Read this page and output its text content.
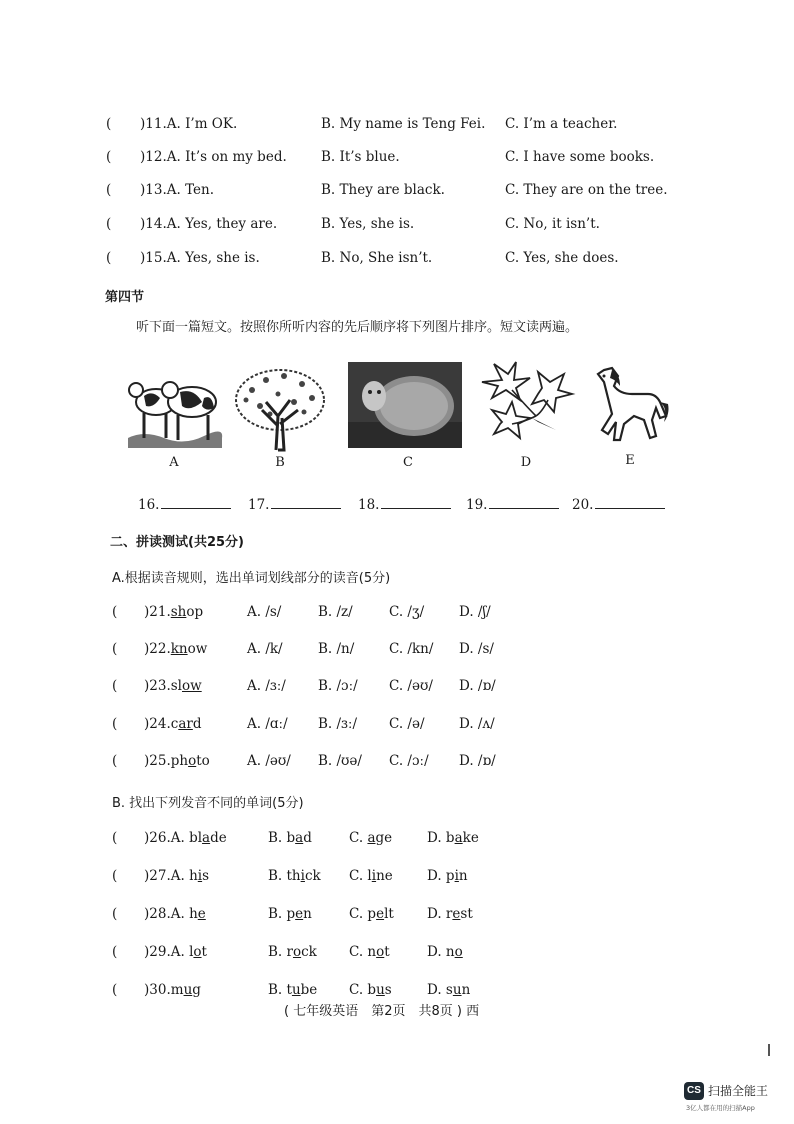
( )11.A. I’m OK.	B. My name is Teng Fei. C. I’m a teacher.
( )12.A. It’s on my bed.	B. It’s blue.	C. I have some books.
( )13.A. Ten.	B. They are black.	C. They are on the tree.
( )14.A. Yes, they are.	B. Yes, she is.	C. No, it isn’t.
( )15.A. Yes, she is.	B. No, She isn’t.	C. Yes, she does.
第四节
听下面一篇短文。按照你所听内容的先后顺序将下列图片排序。短文读两遍。
A	B	C	D	E
16.	17.	18.	19.	20.
二、拼读测试(共25分)
A.根据读音规则，选出单词划线部分的读音(5分)
( )21.shop	A. /s/	B. /z/	C. /ʒ/	D. /ʃ/
( )22.know	A. /k/	B. /n/	C. /kn/ D. /s/
( )23.slow	A. /ɜː/ B. /ɔː/ C. /əʊ/ D. /ɒ/
( )24.card	A. /ɑː/ B. /ɜː/ C. /ə/	D. /ʌ/
( )25.photo	A. /əʊ/ B. /ʊə/ C. /ɔː/ D. /ɒ/
B. 找出下列发音不同的单词(5分)
( )26.A. blade	B. bad	C. age	D. bake
( )27.A. his	B. thick C. line	D. pin
( )28.A. he	B. pen	C. pelt D. rest
( )29.A. lot	B. rock C. not	D. no
( )30.mug	B. tube C. bus	D. sun
( 七年级英语　第2页　共8页 ) 西
CS 扫描全能王
3亿人都在用的扫描App
